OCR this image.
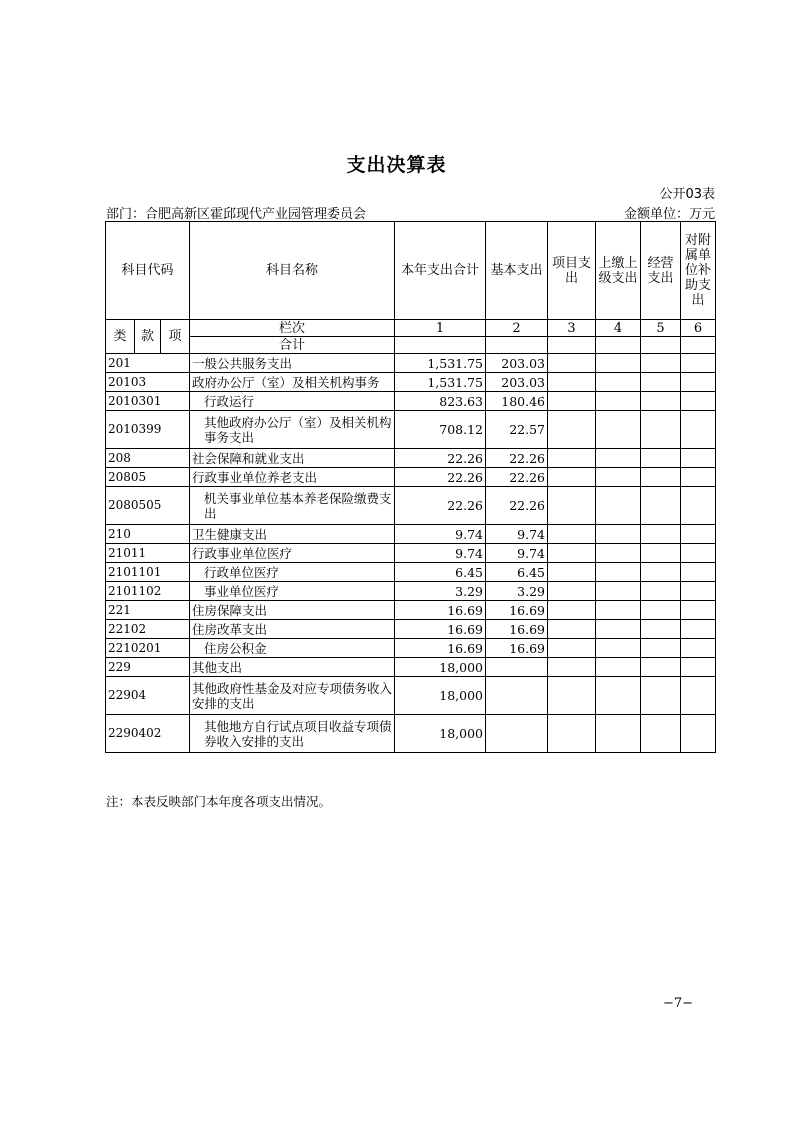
支出决算表
公开03表
部门：合肥高新区霍邱现代产业园管理委员会	金额单位：万元
科目代码			科目名称	本年支出合计	基本支出	项目支出	上缴上级支出	经营支出	对附属单位补助支出
类	款	项	栏次	1	2	3	4	5	6
			合计						
201			一般公共服务支出	1,531.75	203.03				
20103			政府办公厅（室）及相关机构事务	1,531.75	203.03				
2010301			行政运行	823.63	180.46				
2010399			其他政府办公厅（室）及相关机构事务支出	708.12	22.57				
208			社会保障和就业支出	22.26	22.26				
20805			行政事业单位养老支出	22.26	22.26				
2080505			机关事业单位基本养老保险缴费支出	22.26	22.26				
210			卫生健康支出	9.74	9.74				
21011			行政事业单位医疗	9.74	9.74				
2101101			行政单位医疗	6.45	6.45				
2101102			事业单位医疗	3.29	3.29				
221			住房保障支出	16.69	16.69				
22102			住房改革支出	16.69	16.69				
2210201			住房公积金	16.69	16.69				
229			其他支出	18,000					
22904			其他政府性基金及对应专项债务收入安排的支出	18,000					
2290402			其他地方自行试点项目收益专项债券收入安排的支出	18,000					
注：本表反映部门本年度各项支出情况。
−7−
